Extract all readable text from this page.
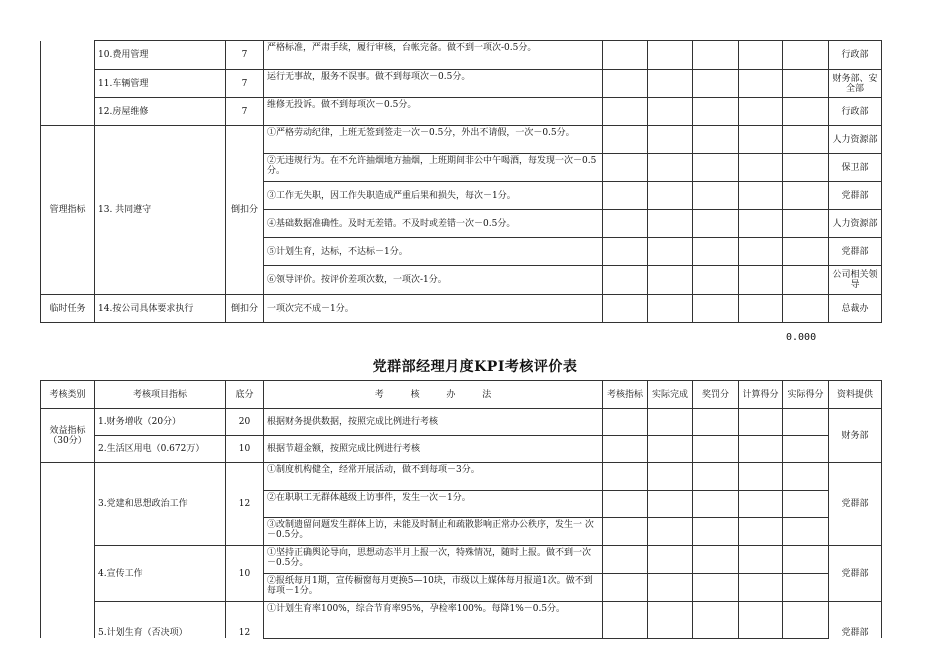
	10.费用管理	7	严格标准，严肃手续，履行审核，台帐完备。做不到一项次-0.5分。						行政部
	11.车辆管理	7	运行无事故，服务不误事。做不到每项次－0.5分。						财务部、安全部
	12.房屋维修	7	维修无投诉。做不到每项次－0.5分。						行政部
管理指标	13. 共同遵守	倒扣分	①严格劳动纪律，上班无签到签走一次－0.5分，外出不请假，一次－0.5分。						人力资源部
			②无违规行为。在不允许抽烟地方抽烟，上班期间非公中午喝酒，每发现一次－0.5分。						保卫部
			③工作无失职，因工作失职造成严重后果和损失，每次－1分。						党群部
			④基础数据准确性。及时无差错。不及时或差错一次－0.5分。						人力资源部
			⑤计划生育，达标，不达标－1分。						党群部
			⑥领导评价。按评价差项次数，一项次-1分。						公司相关领导
临时任务	14.按公司具体要求执行	倒扣分	一项次完不成－1分。						总裁办
0.000
党群部经理月度KPI考核评价表
考核类别	考核项目指标	底分	考 核 办 法	考核指标	实际完成	奖罚分	计算得分	实际得分	资料提供
效益指标（30分）	1.财务增收（20分）	20	根据财务提供数据，按照完成比例进行考核						财务部
	2.生活区用电（0.672万）	10	根据节超金额，按照完成比例进行考核						
	3.党建和思想政治工作	12	①制度机构健全，经常开展活动，做不到每项－3分。						党群部
			②在职职工无群体越级上访事件，发生一次－1分。						
			③改制遗留问题发生群体上访，未能及时制止和疏散影响正常办公秩序，发生一 次－0.5分。						
	4.宣传工作	10	①坚持正确舆论导向，思想动态半月上报一次，特殊情况，随时上报。做不到一次－0.5分。						党群部
			②报纸每月1期，宣传橱窗每月更换5—10块，市级以上媒体每月报道1次。做不到每项－1分。						

	5.计划生育（否决项）	12	①计划生育率100%，综合节育率95%，孕检率100%。每降1%－0.5分。						党群部
